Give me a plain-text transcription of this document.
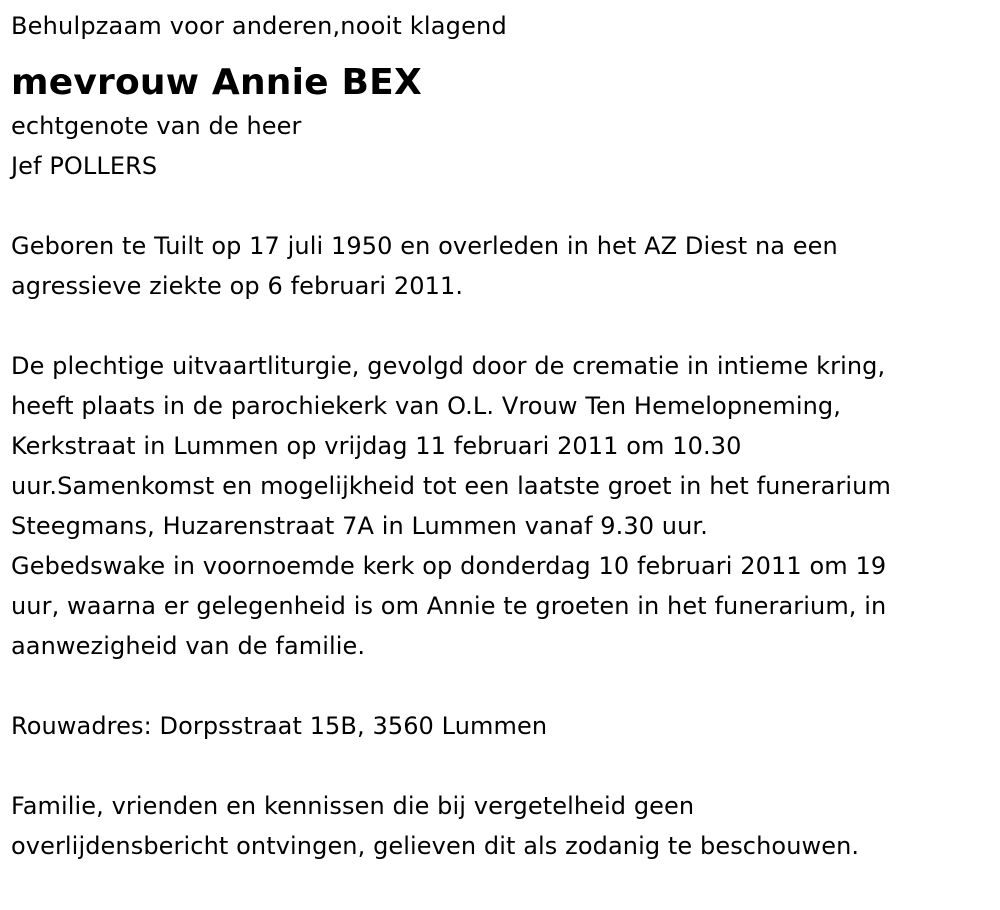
Behulpzaam voor anderen,nooit klagend

mevrouw Annie BEX

echtgenote van de heer

Jef POLLERS

Geboren te Tuilt op 17 juli 1950 en overleden in het AZ Diest na een

agressieve ziekte op 6 februari 2011.

De plechtige uitvaartliturgie, gevolgd door de crematie in intieme kring,

heeft plaats in de parochiekerk van O.L. Vrouw Ten Hemelopneming,

Kerkstraat in Lummen op vrijdag 11 februari 2011 om 10.30

uur.Samenkomst en mogelijkheid tot een laatste groet in het funerarium

Steegmans, Huzarenstraat 7A in Lummen vanaf 9.30 uur.

Gebedswake in voornoemde kerk op donderdag 10 februari 2011 om 19

uur, waarna er gelegenheid is om Annie te groeten in het funerarium, in

aanwezigheid van de familie.

Rouwadres: Dorpsstraat 15B, 3560 Lummen

Familie, vrienden en kennissen die bij vergetelheid geen

overlijdensbericht ontvingen, gelieven dit als zodanig te beschouwen.
